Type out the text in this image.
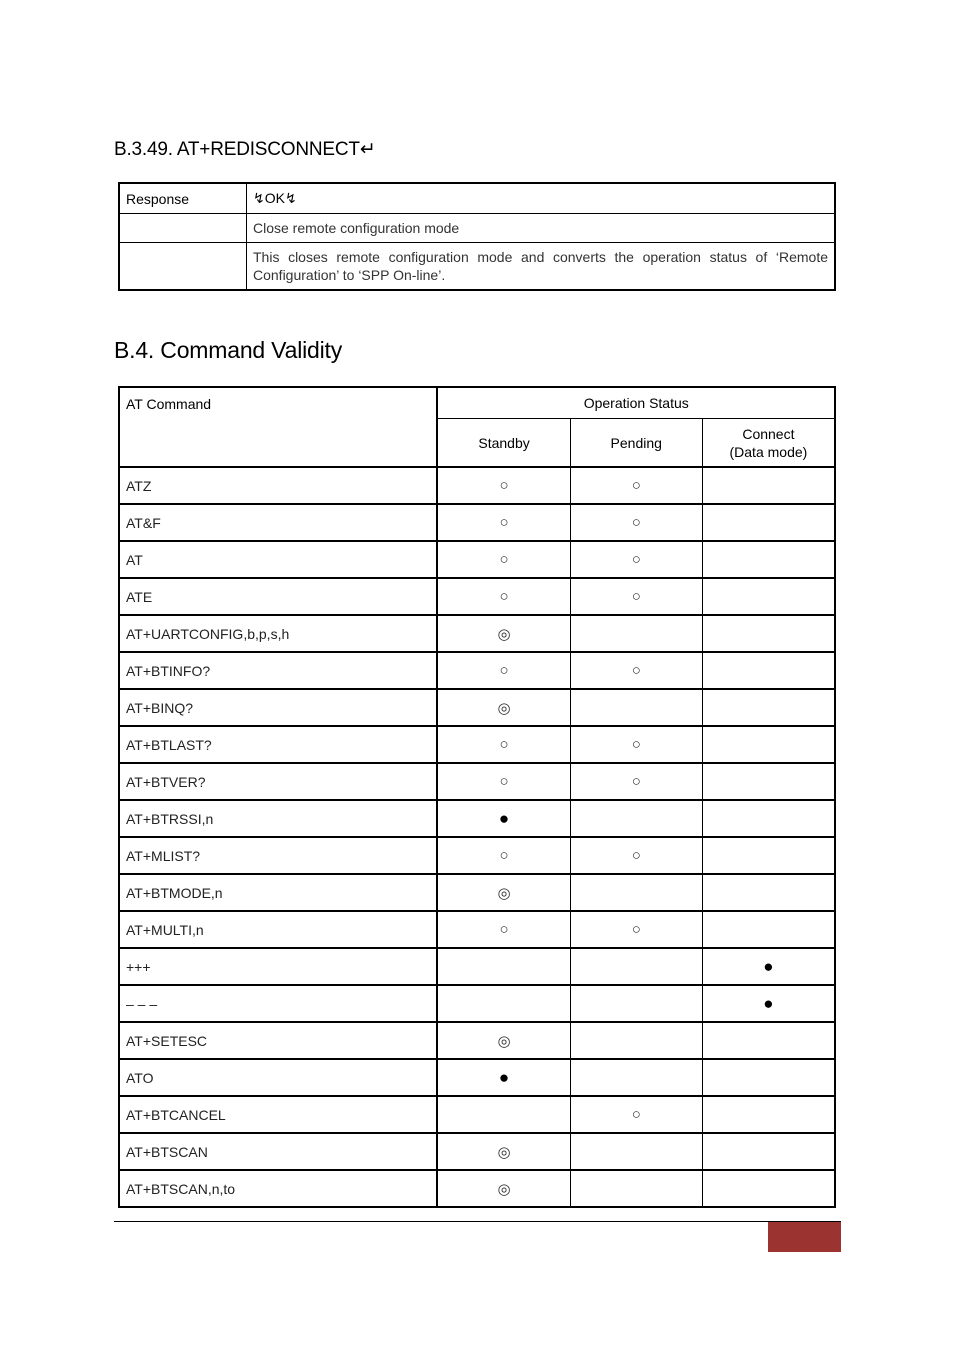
B.3.49. AT+REDISCONNECT↵
Response	↯OK↯
	Close remote configuration mode
	This closes remote configuration mode and converts the operation status of ‘Remote Configuration’ to ‘SPP On-line’.
B.4. Command Validity
AT Command	Operation Status		
	Standby	Pending	Connect
(Data mode)
ATZ	○	○	
AT&F	○	○	
AT	○	○	
ATE	○	○	
AT+UARTCONFIG,b,p,s,h	◎		
AT+BTINFO?	○	○	
AT+BINQ?	◎		
AT+BTLAST?	○	○	
AT+BTVER?	○	○	
AT+BTRSSI,n	●		
AT+MLIST?	○	○	
AT+BTMODE,n	◎		
AT+MULTI,n	○	○	
+++			●
– – –			●
AT+SETESC	◎		
ATO	●		
AT+BTCANCEL		○	
AT+BTSCAN	◎		
AT+BTSCAN,n,to	◎		
